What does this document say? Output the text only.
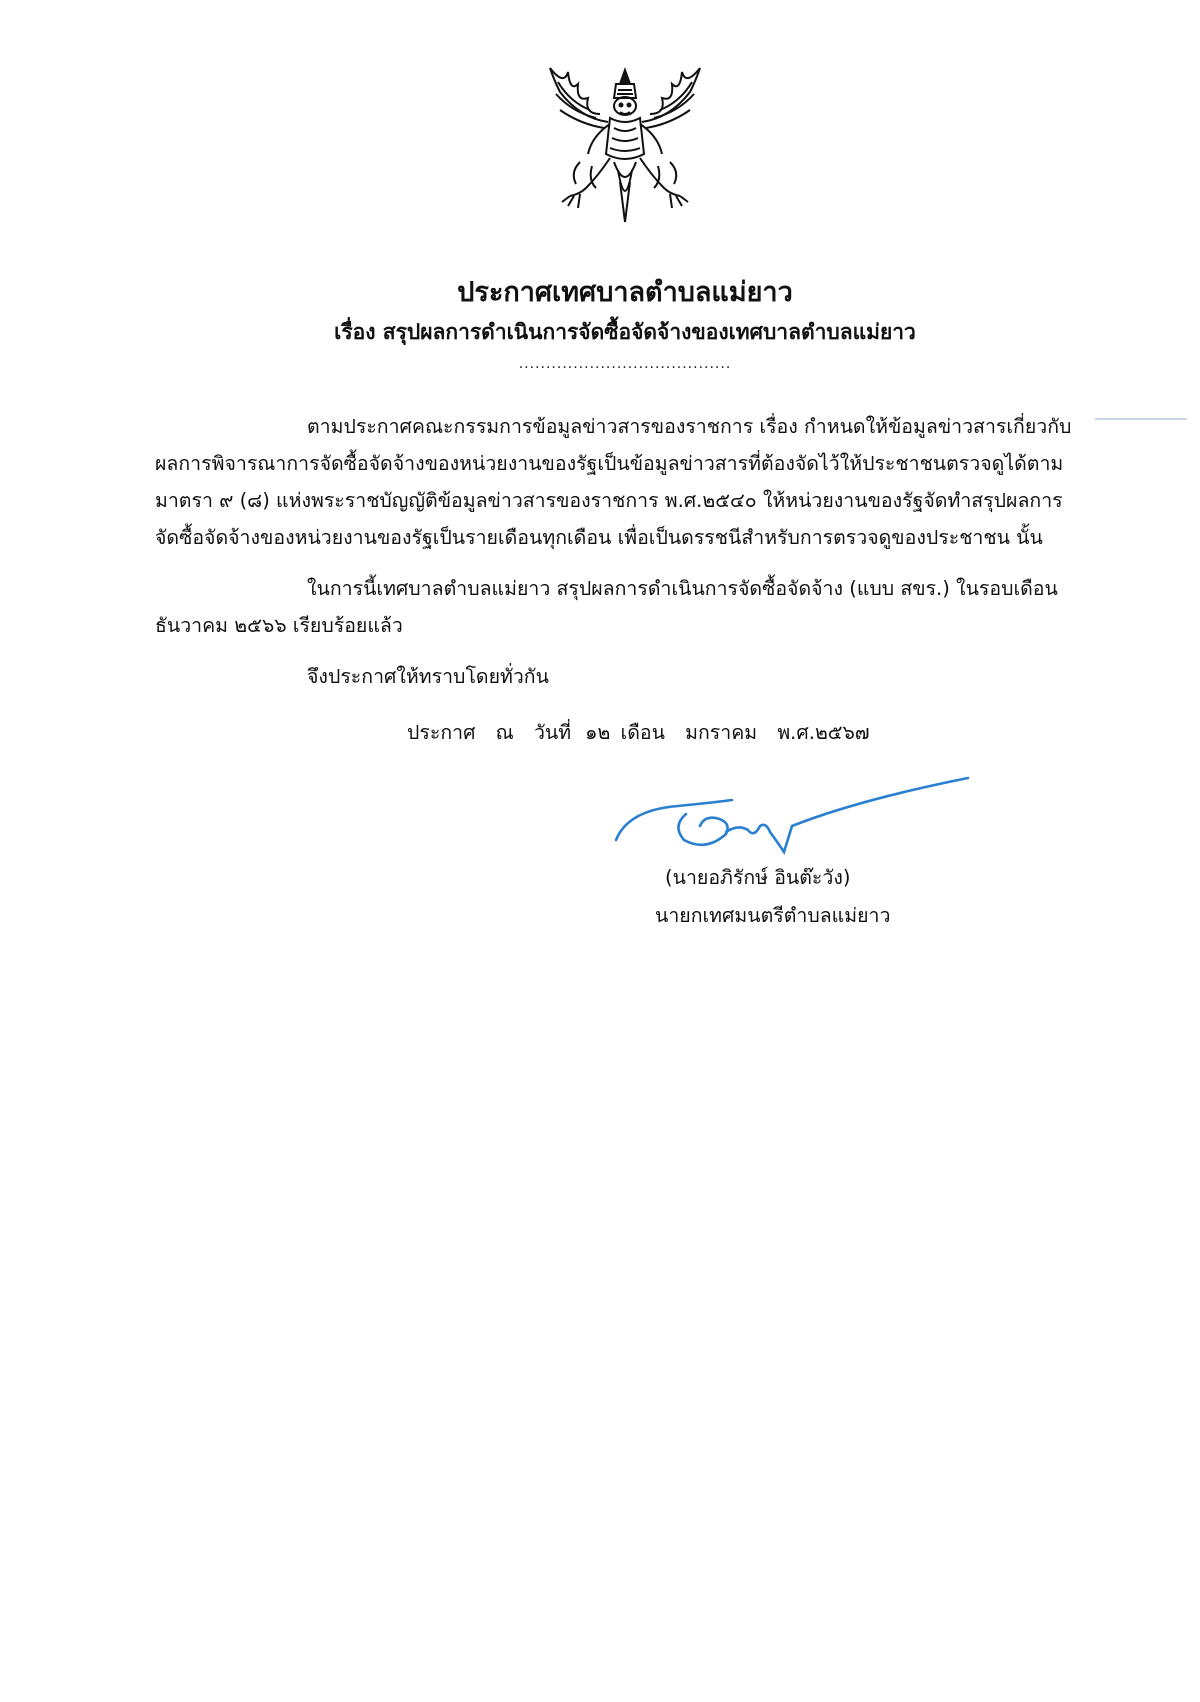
ประกาศเทศบาลตำบลแม่ยาว
เรื่อง สรุปผลการดำเนินการจัดซื้อจัดจ้างของเทศบาลตำบลแม่ยาว
.......................................
ตามประกาศคณะกรรมการข้อมูลข่าวสารของราชการ เรื่อง กำหนดให้ข้อมูลข่าวสารเกี่ยวกับ
ผลการพิจารณาการจัดซื้อจัดจ้างของหน่วยงานของรัฐเป็นข้อมูลข่าวสารที่ต้องจัดไว้ให้ประชาชนตรวจดูได้ตาม
มาตรา ๙ (๘) แห่งพระราชบัญญัติข้อมูลข่าวสารของราชการ พ.ศ.๒๕๔๐ ให้หน่วยงานของรัฐจัดทำสรุปผลการ
จัดซื้อจัดจ้างของหน่วยงานของรัฐเป็นรายเดือนทุกเดือน เพื่อเป็นดรรชนีสำหรับการตรวจดูของประชาชน นั้น
ในการนี้เทศบาลตำบลแม่ยาว สรุปผลการดำเนินการจัดซื้อจัดจ้าง (แบบ สขร.) ในรอบเดือน
ธันวาคม ๒๕๖๖ เรียบร้อยแล้ว
จึงประกาศให้ทราบโดยทั่วกัน
ประกาศ ณ วันที่ ๑๒ เดือน มกราคม พ.ศ.๒๕๖๗
(นายอภิรักษ์ อินต๊ะวัง)
นายกเทศมนตรีตำบลแม่ยาว
